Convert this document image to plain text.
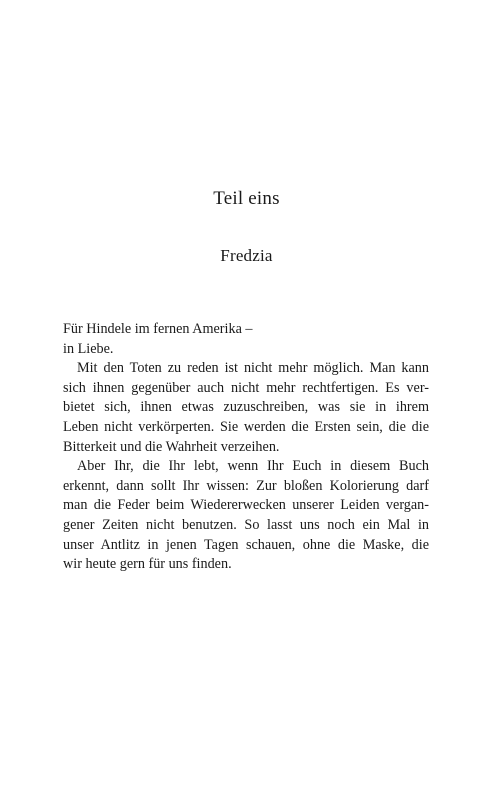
Teil eins
Fredzia
Für Hindele im fernen Amerika –
in Liebe.
Mit den Toten zu reden ist nicht mehr möglich. Man kann
sich ihnen gegenüber auch nicht mehr rechtfertigen. Es ver-
bietet sich, ihnen etwas zuzuschreiben, was sie in ihrem
Leben nicht verkörperten. Sie werden die Ersten sein, die die
Bitterkeit und die Wahrheit verzeihen.
Aber Ihr, die Ihr lebt, wenn Ihr Euch in diesem Buch
erkennt, dann sollt Ihr wissen: Zur bloßen Kolorierung darf
man die Feder beim Wiedererwecken unserer Leiden vergan-
gener Zeiten nicht benutzen. So lasst uns noch ein Mal in
unser Antlitz in jenen Tagen schauen, ohne die Maske, die
wir heute gern für uns finden.
